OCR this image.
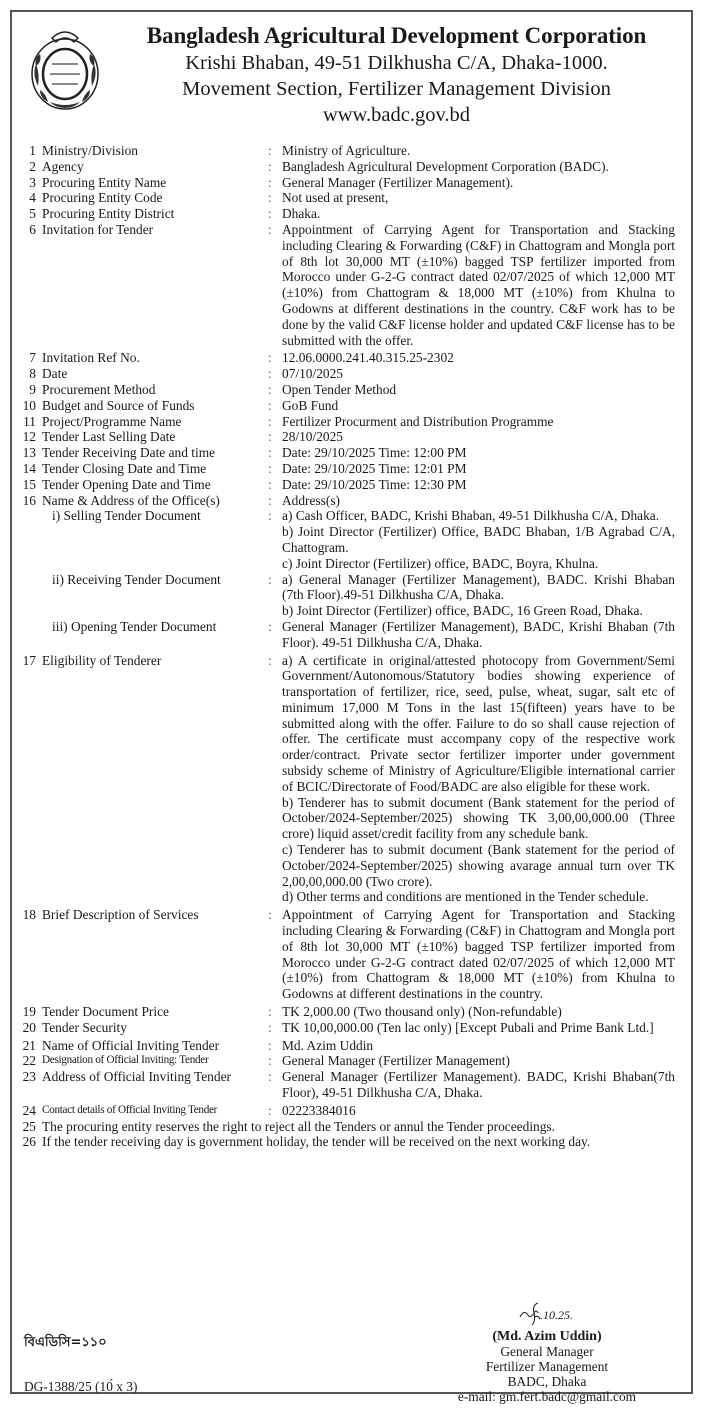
Bangladesh Agricultural Development Corporation
Krishi Bhaban, 49-51 Dilkhusha C/A, Dhaka-1000.
Movement Section, Fertilizer Management Division
www.badc.gov.bd
1 Ministry/Division	: Ministry of Agriculture.

2 Agency	: Bangladesh Agricultural Development Corporation (BADC).

3 Procuring Entity Name	: General Manager (Fertilizer Management).

4 Procuring Entity Code	: Not used at present,

5 Procuring Entity District	: Dhaka.

6 Invitation for Tender	: Appointment of Carrying Agent for Transportation and Stacking including Clearing & Forwarding (C&F) in Chattogram and Mongla port of 8th lot 30,000 MT (±10%) bagged TSP fertilizer imported from Morocco under G-2-G contract dated 02/07/2025 of which 12,000 MT (±10%) from Chattogram & 18,000 MT (±10%) from Khulna to Godowns at different destinations in the country. C&F work has to be done by the valid C&F license holder and updated C&F license has to be submitted with the offer.

7 Invitation Ref No.	: 12.06.0000.241.40.315.25-2302

8 Date	: 07/10/2025

9 Procurement Method	: Open Tender Method

10 Budget and Source of Funds	: GoB Fund

11 Project/Programme Name	: Fertilizer Procurment and Distribution Programme

12 Tender Last Selling Date	: 28/10/2025

13 Tender Receiving Date and time	: Date: 29/10/2025 Time: 12:00 PM

14 Tender Closing Date and Time	: Date: 29/10/2025 Time: 12:01 PM

15 Tender Opening Date and Time	: Date: 29/10/2025 Time: 12:30 PM

16 Name & Address of the Office(s)	: Address(s)

i) Selling Tender Document	: a) Cash Officer, BADC, Krishi Bhaban, 49-51 Dilkhusha C/A, Dhaka.

b) Joint Director (Fertilizer) Office, BADC Bhaban, 1/B Agrabad C/A, Chattogram.

c) Joint Director (Fertilizer) office, BADC, Boyra, Khulna.

ii) Receiving Tender Document	: a) General Manager (Fertilizer Management), BADC. Krishi Bhaban (7th Floor).49-51 Dilkhusha C/A, Dhaka.

b) Joint Director (Fertilizer) office, BADC, 16 Green Road, Dhaka.

iii) Opening Tender Document	: General Manager (Fertilizer Management), BADC, Krishi Bhaban (7th Floor). 49-51 Dilkhusha C/A, Dhaka.

17 Eligibility of Tenderer	: a) A certificate in original/attested photocopy from Government/Semi Government/Autonomous/Statutory bodies showing experience of transportation of fertilizer, rice, seed, pulse, wheat, sugar, salt etc of minimum 17,000 M Tons in the last 15(fifteen) years have to be submitted along with the offer. Failure to do so shall cause rejection of offer. The certificate must accompany copy of the respective work order/contract. Private sector fertilizer importer under government subsidy scheme of Ministry of Agriculture/Eligible international carrier of BCIC/Directorate of Food/BADC are also eligible for these work.

b) Tenderer has to submit document (Bank statement for the period of October/2024-September/2025) showing TK 3,00,00,000.00 (Three crore) liquid asset/credit facility from any schedule bank.

c) Tenderer has to submit document (Bank statement for the period of October/2024-September/2025) showing avarage annual turn over TK 2,00,00,000.00 (Two crore).

d) Other terms and conditions are mentioned in the Tender schedule.

18 Brief Description of Services	: Appointment of Carrying Agent for Transportation and Stacking including Clearing & Forwarding (C&F) in Chattogram and Mongla port of 8th lot 30,000 MT (±10%) bagged TSP fertilizer imported from Morocco under G-2-G contract dated 02/07/2025 of which 12,000 MT (±10%) from Chattogram & 18,000 MT (±10%) from Khulna to Godowns at different destinations in the country.

19 Tender Document Price	: TK 2,000.00 (Two thousand only) (Non-refundable)

20 Tender Security	: TK 10,00,000.00 (Ten lac only) [Except Pubali and Prime Bank Ltd.]

21 Name of Official Inviting Tender	: Md. Azim Uddin

22 Designation of Official Inviting: Tender	: General Manager (Fertilizer Management)

23 Address of Official Inviting Tender	: General Manager (Fertilizer Management). BADC, Krishi Bhaban(7th Floor), 49-51 Dilkhusha C/A, Dhaka.

24 Contact details of Official Inviting Tender	: 02223384016

25 The procuring entity reserves the right to reject all the Tenders or annul the Tender proceedings.
26 If the tender receiving day is government holiday, the tender will be received on the next working day.
বিএডিসি=১১০
DG-1388/25 (10́ x 3)
.10.25.
(Md. Azim Uddin)
General Manager
Fertilizer Management
BADC, Dhaka
e-mail: gm.fert.badc@gmail.com
